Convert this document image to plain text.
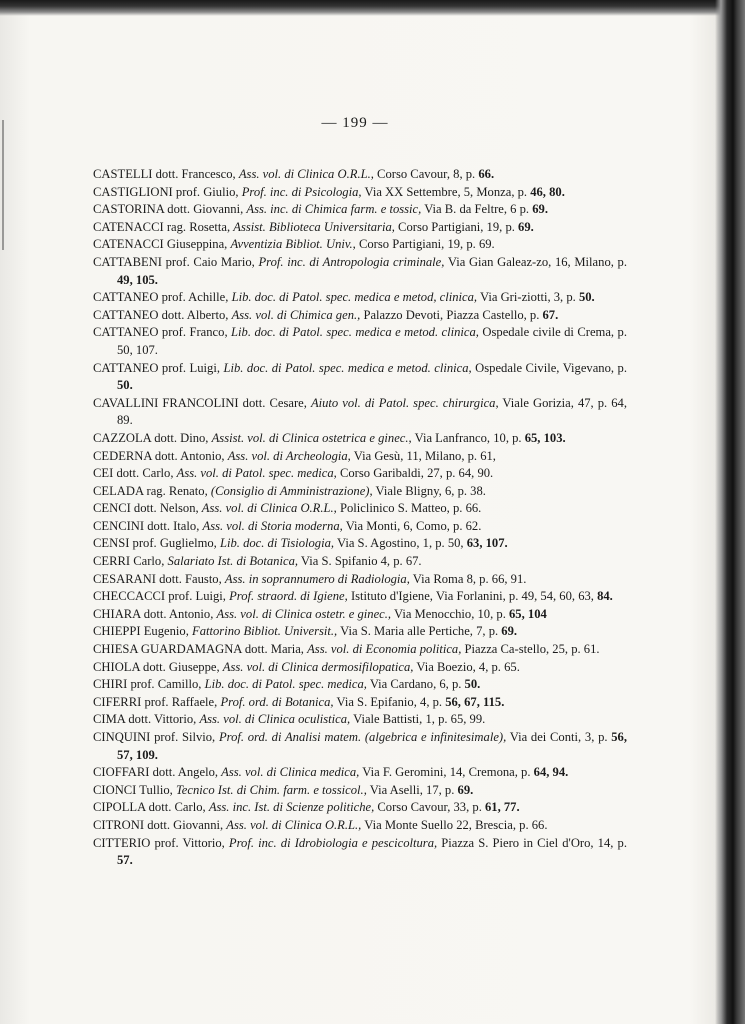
— 199 —

CASTELLI dott. Francesco, Ass. vol. di Clinica O.R.L., Corso Cavour, 8, p. 66.

CASTIGLIONI prof. Giulio, Prof. inc. di Psicologia, Via XX Settembre, 5, Monza, p. 46, 80.

CASTORINA dott. Giovanni, Ass. inc. di Chimica farm. e tossic, Via B. da Feltre, 6 p. 69.

CATENACCI rag. Rosetta, Assist. Biblioteca Universitaria, Corso Partigiani, 19, p. 69.

CATENACCI Giuseppina, Avventizia Bibliot. Univ., Corso Partigiani, 19, p. 69.

CATTABENI prof. Caio Mario, Prof. inc. di Antropologia criminale, Via Gian Galeaz-zo, 16, Milano, p. 49, 105.

CATTANEO prof. Achille, Lib. doc. di Patol. spec. medica e metod, clinica, Via Gri-ziotti, 3, p. 50.

CATTANEO dott. Alberto, Ass. vol. di Chimica gen., Palazzo Devoti, Piazza Castello, p. 67.

CATTANEO prof. Franco, Lib. doc. di Patol. spec. medica e metod. clinica, Ospedale civile di Crema, p. 50, 107.

CATTANEO prof. Luigi, Lib. doc. di Patol. spec. medica e metod. clinica, Ospedale Civile, Vigevano, p. 50.

CAVALLINI FRANCOLINI dott. Cesare, Aiuto vol. di Patol. spec. chirurgica, Viale Gorizia, 47, p. 64, 89.

CAZZOLA dott. Dino, Assist. vol. di Clinica ostetrica e ginec., Via Lanfranco, 10, p. 65, 103.

CEDERNA dott. Antonio, Ass. vol. di Archeologia, Via Gesù, 11, Milano, p. 61,

CEI dott. Carlo, Ass. vol. di Patol. spec. medica, Corso Garibaldi, 27, p. 64, 90.

CELADA rag. Renato, (Consiglio di Amministrazione), Viale Bligny, 6, p. 38.

CENCI dott. Nelson, Ass. vol. di Clinica O.R.L., Policlinico S. Matteo, p. 66.

CENCINI dott. Italo, Ass. vol. di Storia moderna, Via Monti, 6, Como, p. 62.

CENSI prof. Guglielmo, Lib. doc. di Tisiologia, Via S. Agostino, 1, p. 50, 63, 107.

CERRI Carlo, Salariato Ist. di Botanica, Via S. Spifanio 4, p. 67.

CESARANI dott. Fausto, Ass. in soprannumero di Radiologia, Via Roma 8, p. 66, 91.

CHECCACCI prof. Luigi, Prof. straord. di Igiene, Istituto d'Igiene, Via Forlanini, p. 49, 54, 60, 63, 84.

CHIARA dott. Antonio, Ass. vol. di Clinica ostetr. e ginec., Via Menocchio, 10, p. 65, 104

CHIEPPI Eugenio, Fattorino Bibliot. Universit., Via S. Maria alle Pertiche, 7, p. 69.

CHIESA GUARDAMAGNA dott. Maria, Ass. vol. di Economia politica, Piazza Ca-stello, 25, p. 61.

CHIOLA dott. Giuseppe, Ass. vol. di Clinica dermosifilopatica, Via Boezio, 4, p. 65.

CHIRI prof. Camillo, Lib. doc. di Patol. spec. medica, Via Cardano, 6, p. 50.

CIFERRI prof. Raffaele, Prof. ord. di Botanica, Via S. Epifanio, 4, p. 56, 67, 115.

CIMA dott. Vittorio, Ass. vol. di Clinica oculistica, Viale Battisti, 1, p. 65, 99.

CINQUINI prof. Silvio, Prof. ord. di Analisi matem. (algebrica e infinitesimale), Via dei Conti, 3, p. 56, 57, 109.

CIOFFARI dott. Angelo, Ass. vol. di Clinica medica, Via F. Geromini, 14, Cremona, p. 64, 94.

CIONCI Tullio, Tecnico Ist. di Chim. farm. e tossicol., Via Aselli, 17, p. 69.

CIPOLLA dott. Carlo, Ass. inc. Ist. di Scienze politiche, Corso Cavour, 33, p. 61, 77.

CITRONI dott. Giovanni, Ass. vol. di Clinica O.R.L., Via Monte Suello 22, Brescia, p. 66.

CITTERIO prof. Vittorio, Prof. inc. di Idrobiologia e pescicoltura, Piazza S. Piero in Ciel d'Oro, 14, p. 57.
